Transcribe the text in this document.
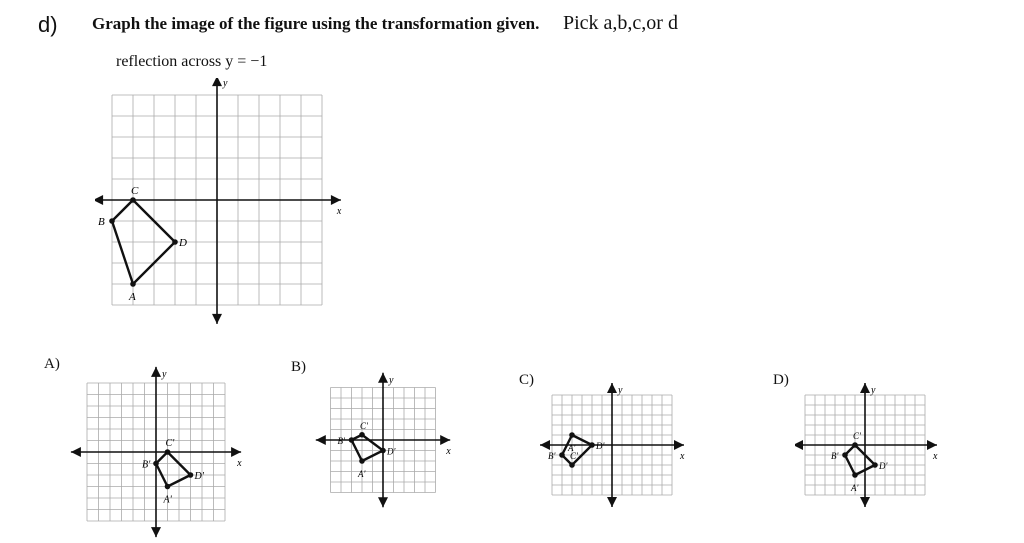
d) Graph the image of the figure using the transformation given. Pick a,b,c,or d
reflection across y = −1
x
y
A
B
C
D
A)	B)
C)	D)
x
y
A'
B'
C'
D'
x
y
A'
B'
C'
D'	x
y
A'
B' C'
D'
x
y
A'
B'
C'
D'
